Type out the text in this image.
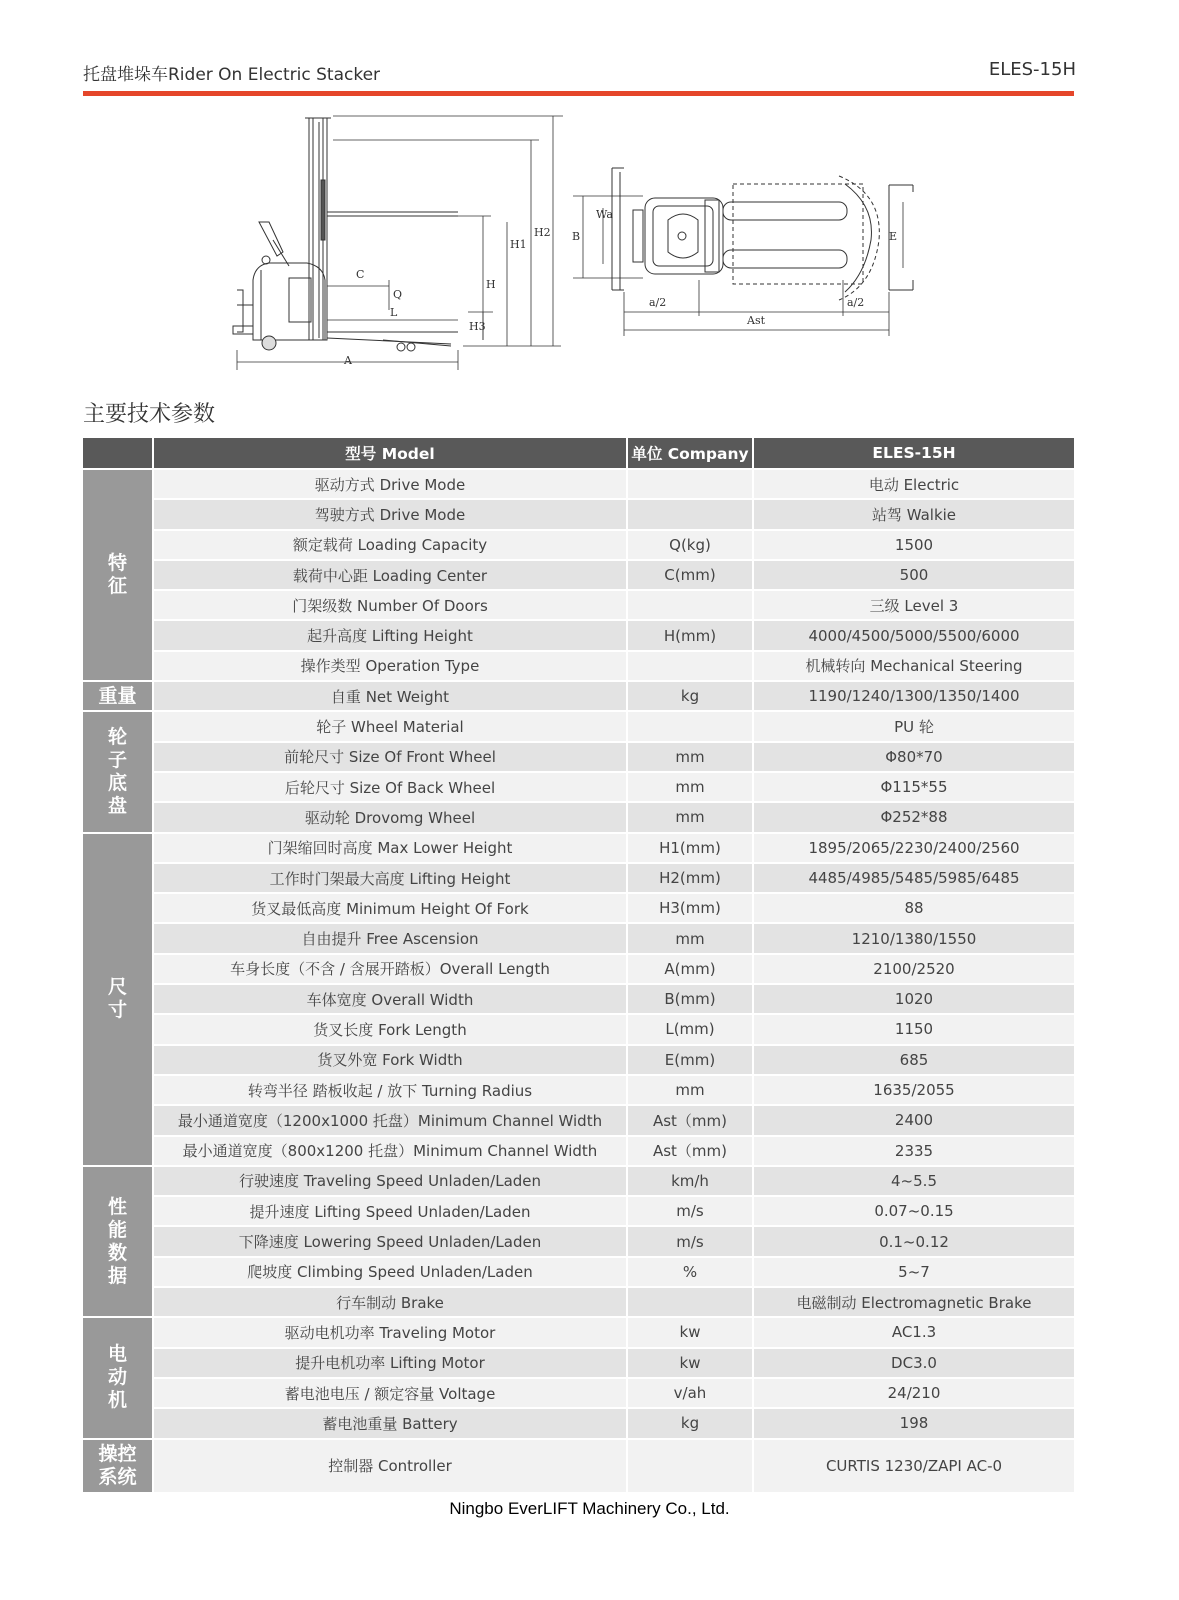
托盘堆垛车Rider On Electric Stacker	ELES-15H
C
Q
L
A
H
H1
H2
H3
Wa
B	E
a/2	a/2
Ast
主要技术参数
	型号 Model	单位 Company	ELES-15H

特征	驱动方式 Drive Mode		电动 Electric
	驾驶方式 Drive Mode		站驾 Walkie
	额定载荷 Loading Capacity	Q(kg)	1500
	载荷中心距 Loading Center	C(mm)	500
	门架级数 Number Of Doors		三级 Level 3
	起升高度 Lifting Height	H(mm)	4000/4500/5000/5500/6000
	操作类型 Operation Type		机械转向 Mechanical Steering
重量	自重 Net Weight	kg	1190/1240/1300/1350/1400

轮子底盘	轮子 Wheel Material		PU 轮
	前轮尺寸 Size Of Front Wheel	mm	Φ80*70
	后轮尺寸 Size Of Back Wheel	mm	Φ115*55
	驱动轮 Drovomg Wheel	mm	Φ252*88

尺寸	门架缩回时高度 Max Lower Height	H1(mm)	1895/2065/2230/2400/2560
	工作时门架最大高度 Lifting Height	H2(mm)	4485/4985/5485/5985/6485
	货叉最低高度 Minimum Height Of Fork	H3(mm)	88
	自由提升 Free Ascension	mm	1210/1380/1550
	车身长度（不含 / 含展开踏板）Overall Length	A(mm)	2100/2520
	车体宽度 Overall Width	B(mm)	1020
	货叉长度 Fork Length	L(mm)	1150
	货叉外宽 Fork Width	E(mm)	685
	转弯半径 踏板收起 / 放下 Turning Radius	mm	1635/2055
	最小通道宽度（1200x1000 托盘）Minimum Channel Width	Ast（mm)	2400
	最小通道宽度（800x1200 托盘）Minimum Channel Width	Ast（mm)	2335

性能数据	行驶速度 Traveling Speed Unladen/Laden	km/h	4~5.5
	提升速度 Lifting Speed Unladen/Laden	m/s	0.07~0.15
	下降速度 Lowering Speed Unladen/Laden	m/s	0.1~0.12
	爬坡度 Climbing Speed Unladen/Laden	%	5~7
	行车制动 Brake		电磁制动 Electromagnetic Brake

电动机	驱动电机功率 Traveling Motor	kw	AC1.3
	提升电机功率 Lifting Motor	kw	DC3.0
	蓄电池电压 / 额定容量 Voltage	v/ah	24/210
	蓄电池重量 Battery	kg	198

操控系统	控制器 Controller		CURTIS 1230/ZAPI AC-0
Ningbo EverLIFT Machinery Co., Ltd.
